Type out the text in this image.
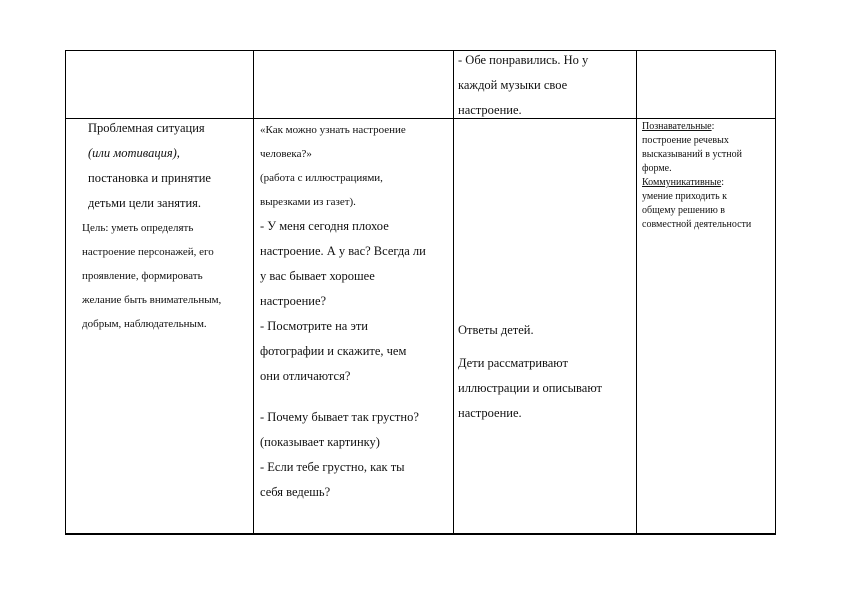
- Обе понравились. Но у
каждой музыки свое
настроение.
Проблемная ситуация
(или мотивация),
постановка и принятие
детьми цели занятия.
Цель: уметь определять
настроение персонажей, его
проявление, формировать
желание быть внимательным,
добрым, наблюдательным.
«Как можно узнать настроение
человека?»
(работа с иллюстрациями,
вырезками из газет).
- У меня сегодня плохое
настроение. А у вас? Всегда ли
у вас бывает хорошее
настроение?
- Посмотрите на эти
фотографии и скажите, чем
они отличаются?
- Почему бывает так грустно?
(показывает картинку)
- Если тебе грустно, как ты
себя ведешь?
Ответы детей.
Дети рассматривают
иллюстрации и описывают
настроение.
Познавательные:
построение речевых
высказываний в устной
форме.
Коммуникативные:
умение приходить к
общему решению в
совместной деятельности
